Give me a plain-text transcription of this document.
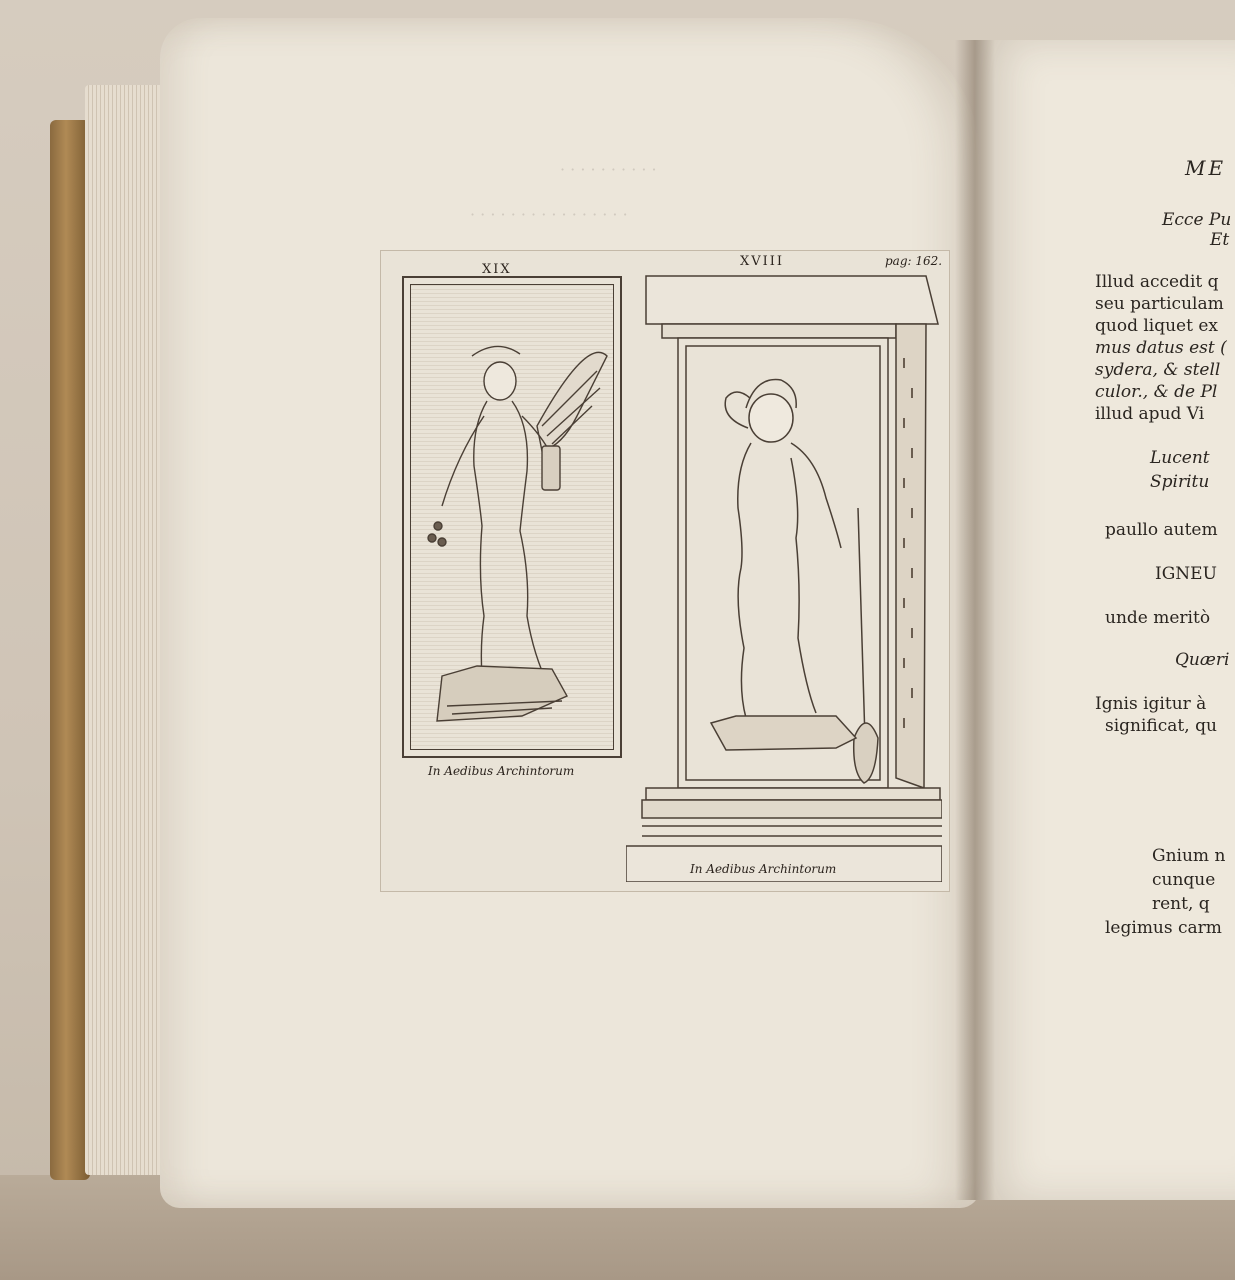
· · · · · · · · · ·
· · · · · · · · · · · · · · · ·
XIX
XVIII	pag: 162.
In Aedibus Archintorum
In Aedibus Archintorum
ME
Ecce Pu
Et
Illud accedit q
seu particulam
quod liquet ex
mus datus est (
sydera, & stell
culor., & de Pl
illud apud Vi
Lucent
Spiritu
paullo autem
IGNEU
unde meritò
Quæri
Ignis igitur à
significat, qu
Gnium n
cunque
rent, q
legimus carm
